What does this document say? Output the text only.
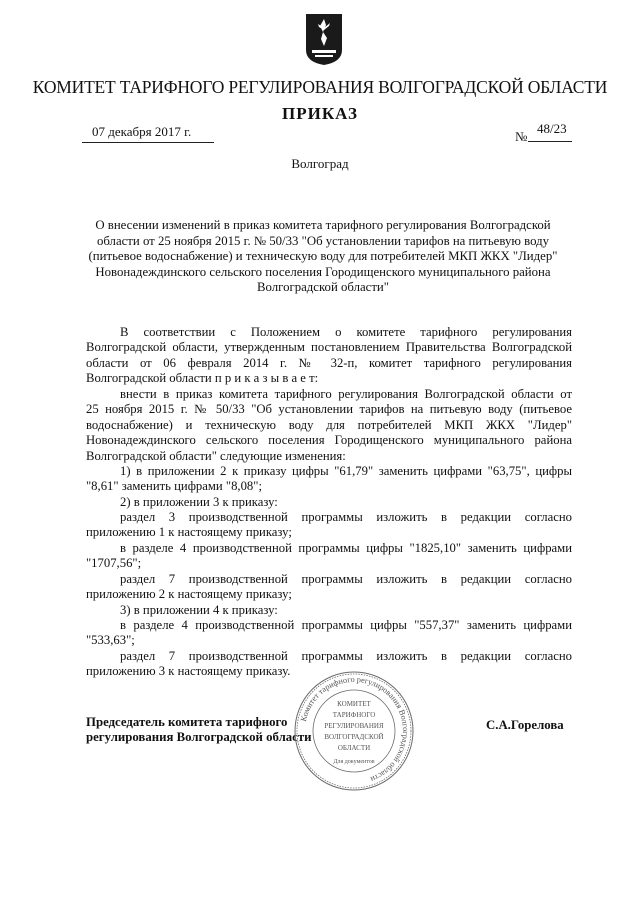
КОМИТЕТ ТАРИФНОГО РЕГУЛИРОВАНИЯ ВОЛГОГРАДСКОЙ ОБЛАСТИ
ПРИКАЗ
07 декабря 2017 г.	№
48/23
Волгоград
О внесении изменений в приказ комитета тарифного регулирования Волгоградской
области от 25 ноября 2015 г. № 50/33 "Об установлении тарифов на питьевую воду
(питьевое водоснабжение) и техническую воду для потребителей МКП ЖКХ "Лидер"
Новонадеждинского сельского поселения Городищенского муниципального района
Волгоградской области"
В соответствии с Положением о комитете тарифного регулирования
Волгоградской области, утвержденным постановлением Правительства Волгоградской
области от 06 февраля 2014 г. № 32-п, комитет тарифного регулирования
Волгоградской области п р и к а з ы в а е т:
внести в приказ комитета тарифного регулирования Волгоградской области от
25 ноября 2015 г. № 50/33 "Об установлении тарифов на питьевую воду (питьевое
водоснабжение) и техническую воду для потребителей МКП ЖКХ "Лидер"
Новонадеждинского сельского поселения Городищенского муниципального района
Волгоградской области" следующие изменения:
1) в приложении 2 к приказу цифры "61,79" заменить цифрами "63,75", цифры
"8,61" заменить цифрами "8,08";
2) в приложении 3 к приказу:
раздел 3 производственной программы изложить в редакции согласно
приложению 1 к настоящему приказу;
в разделе 4 производственной программы цифры "1825,10" заменить цифрами
"1707,56";
раздел 7 производственной программы изложить в редакции согласно
приложению 2 к настоящему приказу;
3) в приложении 4 к приказу:
в разделе 4 производственной программы цифры "557,37" заменить цифрами
"533,63";
раздел 7 производственной программы изложить в редакции согласно
приложению 3 к настоящему приказу.
Председатель комитета тарифного
регулирования Волгоградской области
С.А.Горелова
Комитет тарифного регулирования Волгоградской области
КОМИТЕТ
ТАРИФНОГО
РЕГУЛИРОВАНИЯ
ВОЛГОГРАДСКОЙ
ОБЛАСТИ
Для документов
